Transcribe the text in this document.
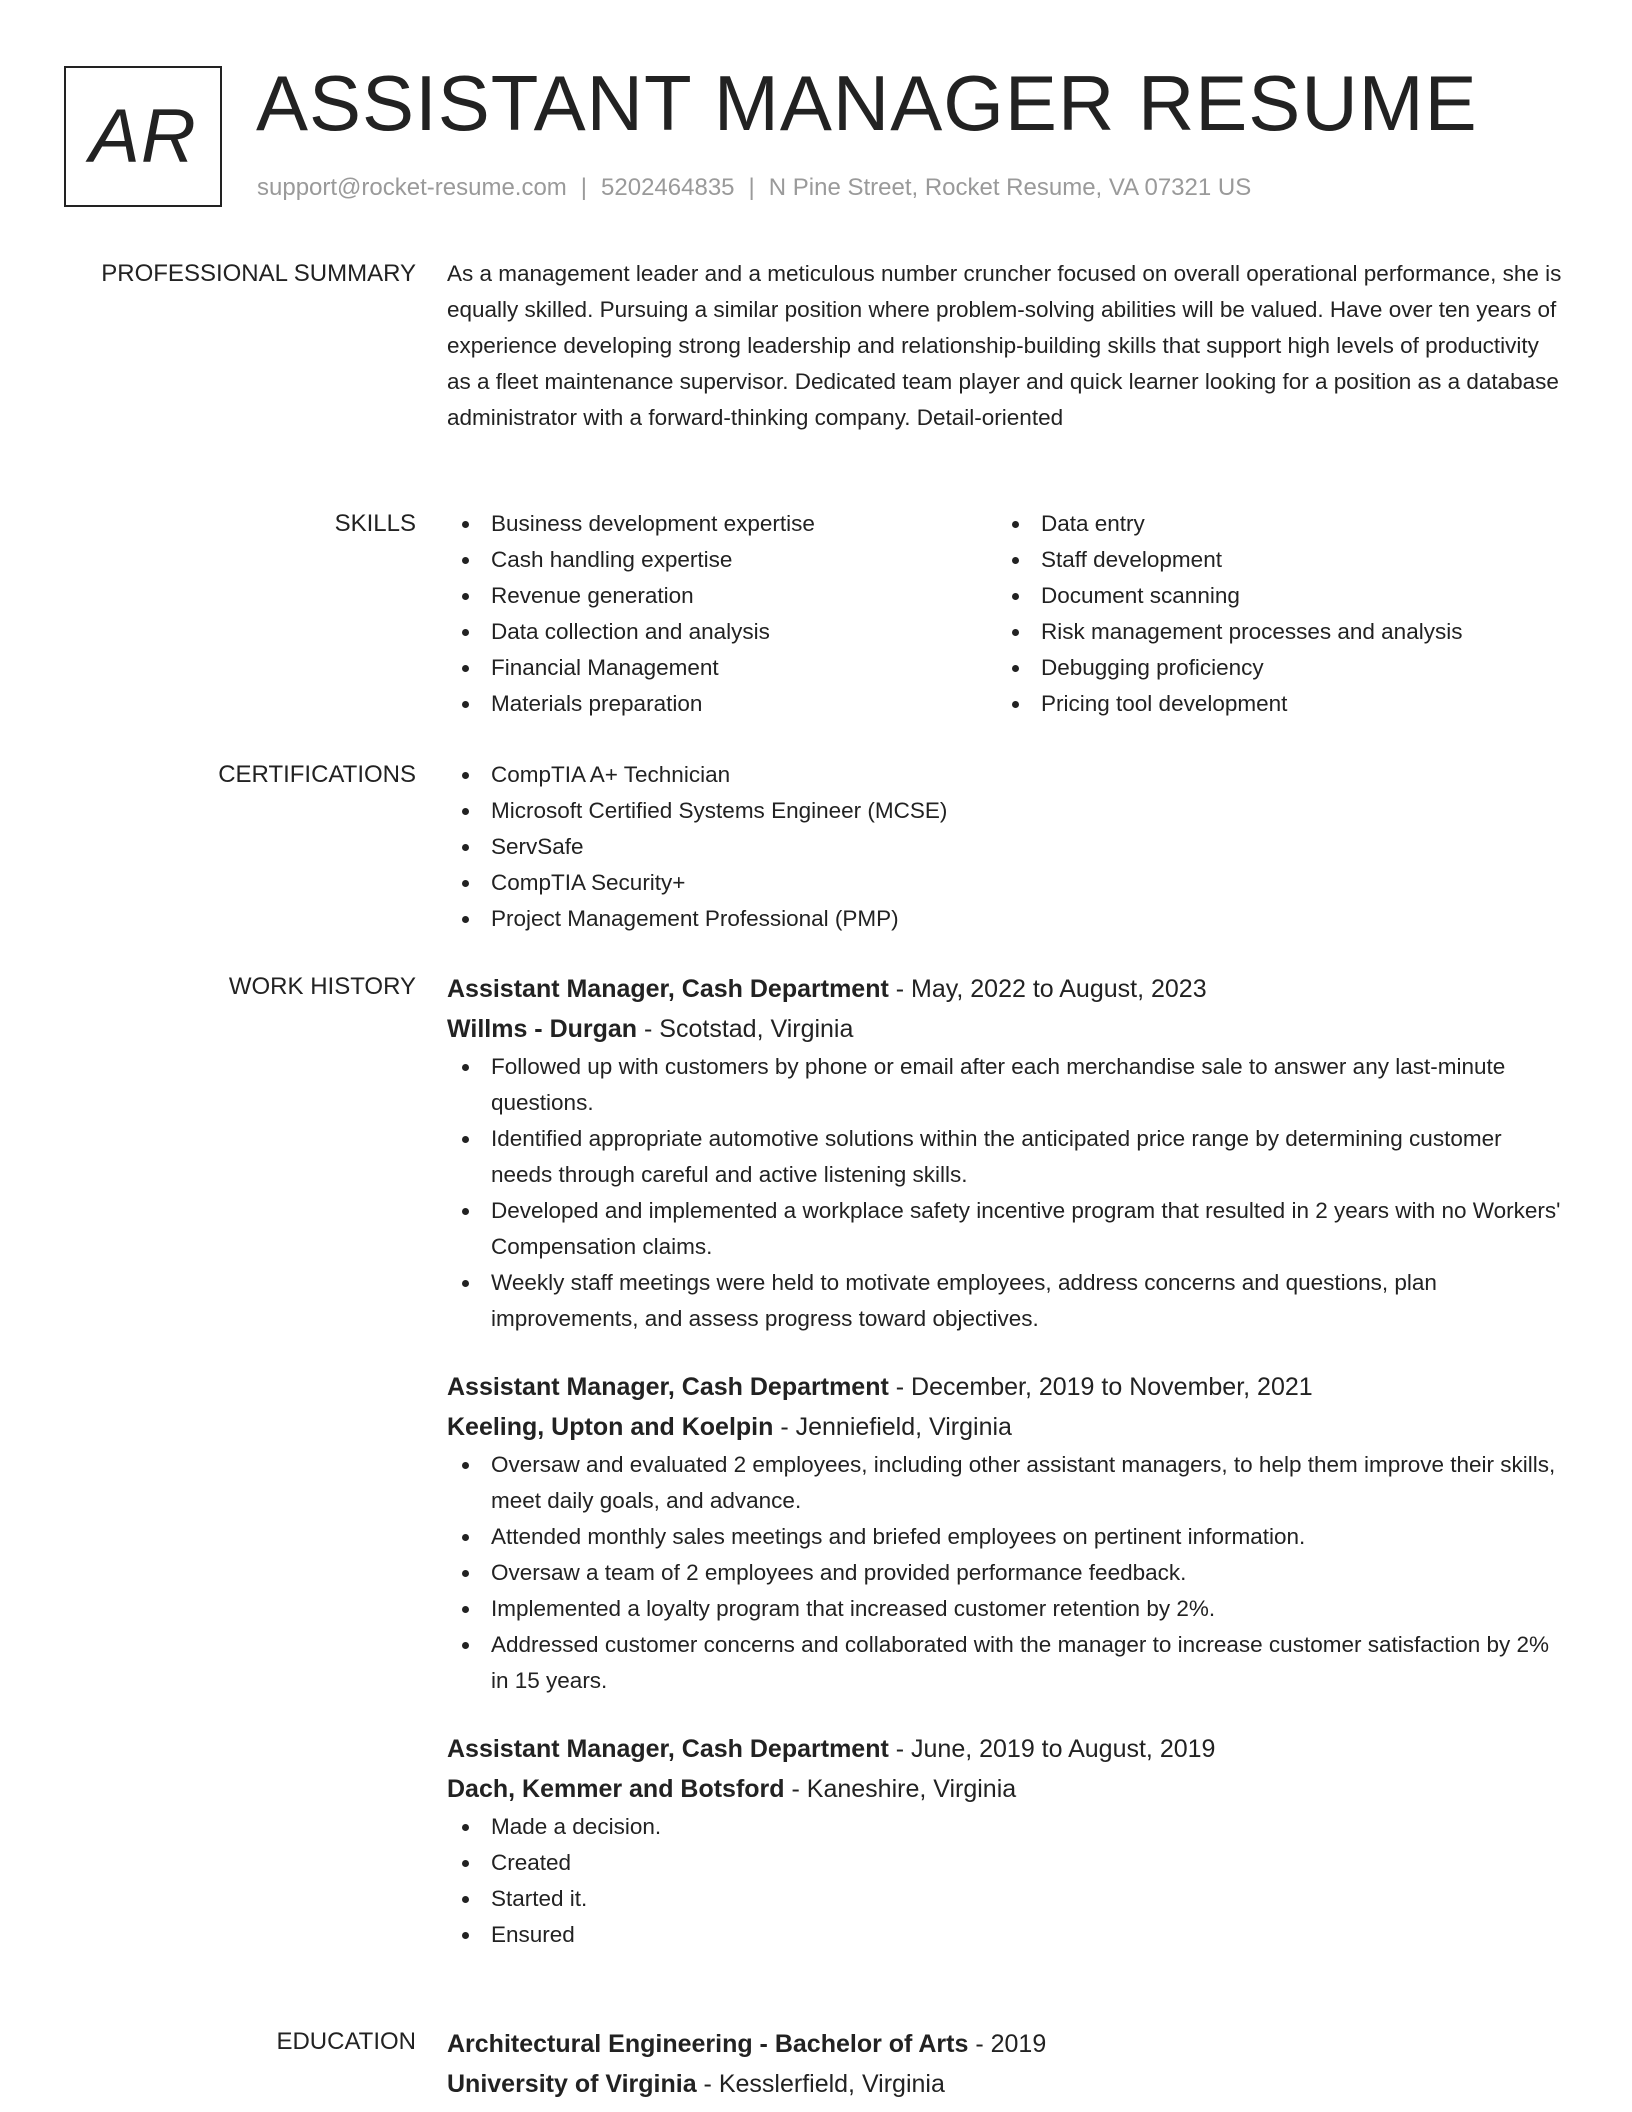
AR ASSISTANT MANAGER RESUME
support@rocket-resume.com | 5202464835 | N Pine Street, Rocket Resume, VA 07321 US
PROFESSIONAL SUMMARY As a management leader and a meticulous number cruncher focused on overall operational performance, she is equally skilled. Pursuing a similar position where problem-solving abilities will be valued. Have over ten years of experience developing strong leadership and relationship-building skills that support high levels of productivity as a fleet maintenance supervisor. Dedicated team player and quick learner looking for a position as a database administrator with a forward-thinking company. Detail-oriented

SKILLS	Business development expertise
Cash handling expertise
Revenue generation
Data collection and analysis
Financial Management
Materials preparation
Data entry
Staff development
Document scanning
Risk management processes and analysis
Debugging proficiency
Pricing tool development
CERTIFICATIONS	CompTIA A+ Technician
Microsoft Certified Systems Engineer (MCSE)
ServSafe
CompTIA Security+
Project Management Professional (PMP)
WORK HISTORY Assistant Manager, Cash Department - May, 2022 to August, 2023
Willms - Durgan - Scotstad, Virginia
Followed up with customers by phone or email after each merchandise sale to answer any last-minute questions.
Identified appropriate automotive solutions within the anticipated price range by determining customer needs through careful and active listening skills.
Developed and implemented a workplace safety incentive program that resulted in 2 years with no Workers' Compensation claims.
Weekly staff meetings were held to motivate employees, address concerns and questions, plan improvements, and assess progress toward objectives.
Assistant Manager, Cash Department - December, 2019 to November, 2021
Keeling, Upton and Koelpin - Jenniefield, Virginia
Oversaw and evaluated 2 employees, including other assistant managers, to help them improve their skills, meet daily goals, and advance.
Attended monthly sales meetings and briefed employees on pertinent information.
Oversaw a team of 2 employees and provided performance feedback.
Implemented a loyalty program that increased customer retention by 2%.
Addressed customer concerns and collaborated with the manager to increase customer satisfaction by 2% in 15 years.
Assistant Manager, Cash Department - June, 2019 to August, 2019
Dach, Kemmer and Botsford - Kaneshire, Virginia
Made a decision.
Created
Started it.
Ensured
EDUCATION Architectural Engineering - Bachelor of Arts - 2019
University of Virginia - Kesslerfield, Virginia
